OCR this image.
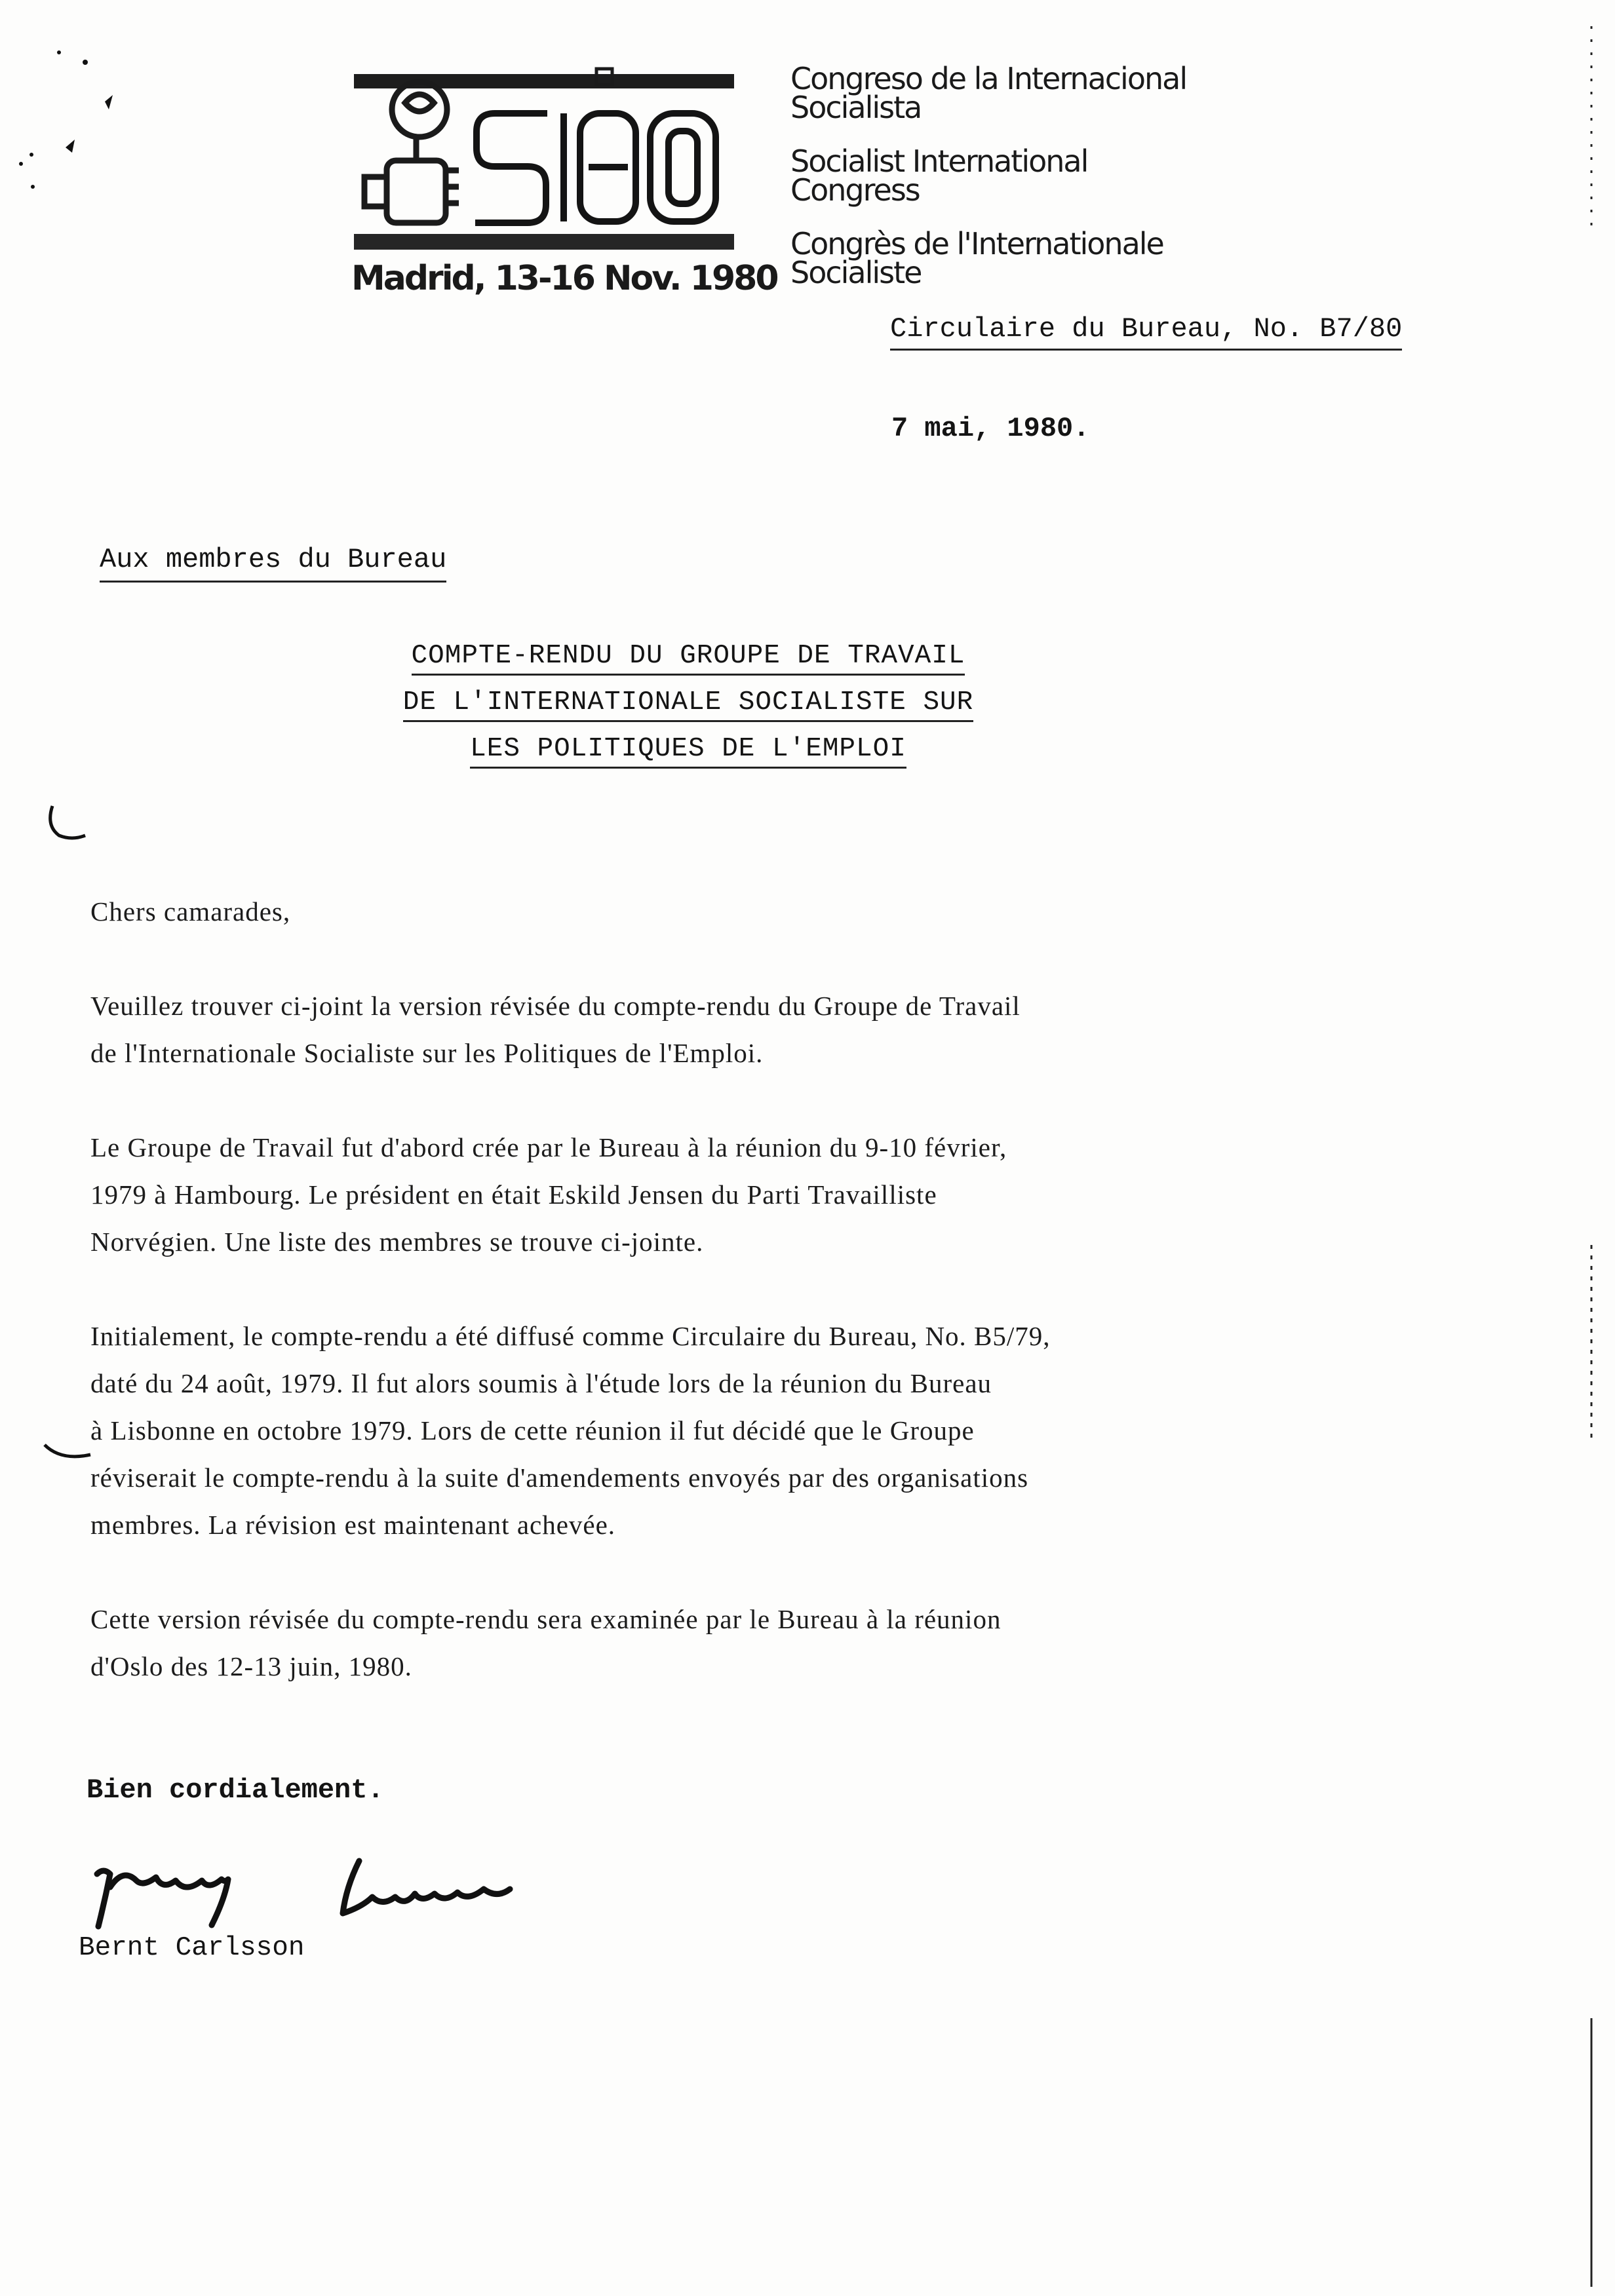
Madrid, 13-16 Nov. 1980
Congreso de la Internacional
Socialista
Socialist International
Congress
Congrès de l'Internationale
Socialiste
Circulaire du Bureau, No. B7/80
7 mai, 1980.
Aux membres du Bureau
COMPTE-RENDU DU GROUPE DE TRAVAIL
DE L'INTERNATIONALE SOCIALISTE SUR
LES POLITIQUES DE L'EMPLOI

Chers camarades,

Veuillez trouver ci-joint la version révisée du compte-rendu du Groupe de Travail
de l'Internationale Socialiste sur les Politiques de l'Emploi.

Le Groupe de Travail fut d'abord crée par le Bureau à la réunion du 9-10 février,
1979 à Hambourg. Le président en était Eskild Jensen du Parti Travailliste
Norvégien. Une liste des membres se trouve ci-jointe.

Initialement, le compte-rendu a été diffusé comme Circulaire du Bureau, No. B5/79,
daté du 24 août, 1979. Il fut alors soumis à l'étude lors de la réunion du Bureau
à Lisbonne en octobre 1979. Lors de cette réunion il fut décidé que le Groupe
réviserait le compte-rendu à la suite d'amendements envoyés par des organisations
membres. La révision est maintenant achevée.

Cette version révisée du compte-rendu sera examinée par le Bureau à la réunion
d'Oslo des 12-13 juin, 1980.

Bien cordialement.
Bernt Carlsson
